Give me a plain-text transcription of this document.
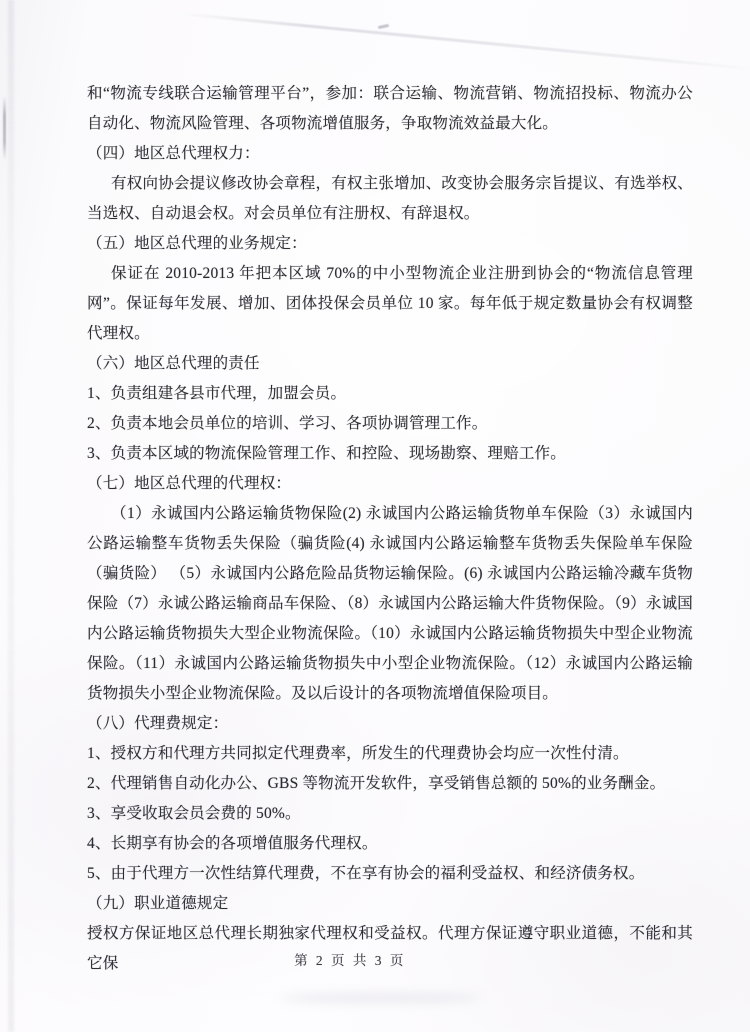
和“物流专线联合运输管理平台”，参加：联合运输、物流营销、物流招投标、物流办公自动化、物流风险管理、各项物流增值服务，争取物流效益最大化。

（四）地区总代理权力：

有权向协会提议修改协会章程，有权主张增加、改变协会服务宗旨提议、有选举权、当选权、自动退会权。对会员单位有注册权、有辞退权。

（五）地区总代理的业务规定：

保证在 2010-2013 年把本区域 70%的中小型物流企业注册到协会的“物流信息管理网”。保证每年发展、增加、团体投保会员单位 10 家。每年低于规定数量协会有权调整代理权。

（六）地区总代理的责任

1、负责组建各县市代理，加盟会员。

2、负责本地会员单位的培训、学习、各项协调管理工作。

3、负责本区域的物流保险管理工作、和控险、现场勘察、理赔工作。

（七）地区总代理的代理权：

（1）永诚国内公路运输货物保险(2) 永诚国内公路运输货物单车保险（3）永诚国内公路运输整车货物丢失保险（骗货险(4) 永诚国内公路运输整车货物丢失保险单车保险（骗货险） （5）永诚国内公路危险品货物运输保险。(6) 永诚国内公路运输冷藏车货物保险（7）永诚公路运输商品车保险、（8）永诚国内公路运输大件货物保险。（9）永诚国内公路运输货物损失大型企业物流保险。（10）永诚国内公路运输货物损失中型企业物流保险。（11）永诚国内公路运输货物损失中小型企业物流保险。（12）永诚国内公路运输货物损失小型企业物流保险。及以后设计的各项物流增值保险项目。

（八）代理费规定：

1、授权方和代理方共同拟定代理费率，所发生的代理费协会均应一次性付清。

2、代理销售自动化办公、GBS 等物流开发软件，享受销售总额的 50%的业务酬金。

3、享受收取会员会费的 50%。

4、长期享有协会的各项增值服务代理权。

5、由于代理方一次性结算代理费，不在享有协会的福利受益权、和经济债务权。

（九）职业道德规定

授权方保证地区总代理长期独家代理权和受益权。代理方保证遵守职业道德，不能和其它保	第 2 页 共 3 页
